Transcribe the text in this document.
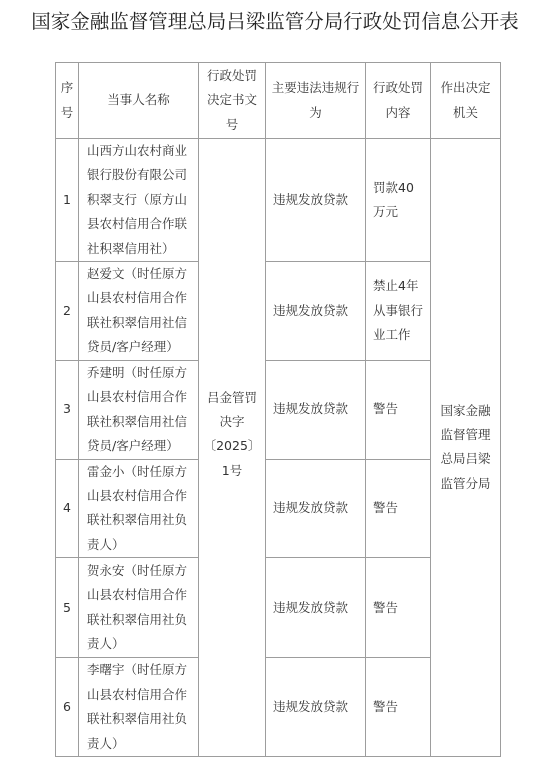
国家金融监督管理总局吕梁监管分局行政处罚信息公开表
序号	当事人名称	行政处罚决定书文号	主要违法违规行为	行政处罚内容	作出决定机关

1	山西方山农村商业银行股份有限公司积翠支行（原方山县农村信用合作联社积翠信用社）	吕金管罚决字〔2025〕1号	违规发放贷款	罚款40万元	国家金融监督管理总局吕梁监管分局

2	赵爱文（时任原方山县农村信用合作联社积翠信用社信贷员/客户经理）		违规发放贷款	禁止4年从事银行业工作	

3	乔建明（时任原方山县农村信用合作联社积翠信用社信贷员/客户经理）		违规发放贷款	警告	

4	雷金小（时任原方山县农村信用合作联社积翠信用社负责人）		违规发放贷款	警告	

5	贺永安（时任原方山县农村信用合作联社积翠信用社负责人）		违规发放贷款	警告	

6	李曙宇（时任原方山县农村信用合作联社积翠信用社负责人）		违规发放贷款	警告	
